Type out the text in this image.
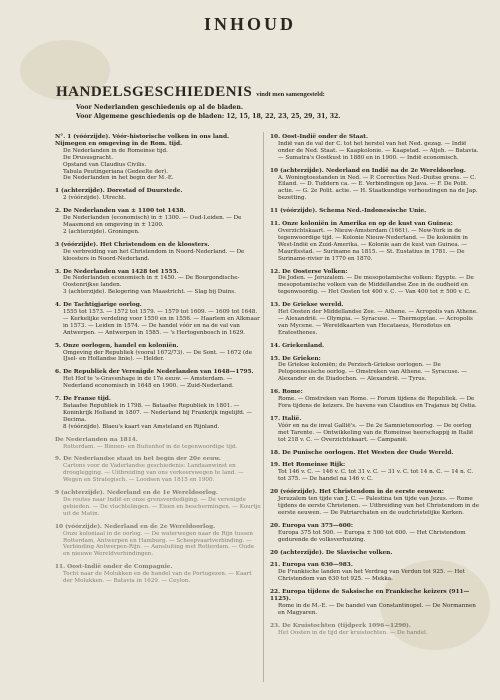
INHOUD
HANDELSGESCHIEDENIS vindt men samengesteld:
Voor Nederlanden geschiedenis op al de bladen.
Voor Algemene geschiedenis op de bladen: 12, 15, 18, 22, 23, 25, 29, 31, 32.
N°. 1 (vóórzijde). Vóór-historische volken in ons land. Nijmegen en omgeving in de Rom. tijd.
De Nederlanden in de Romeinse tijd.
De Drususgracht.
Opstand van Claudius Civilis.
Tabula Peutingeriana (Gedeelte der).
De Nederlanden in het begin der M.-E.
1 (achterzijde). Dorestad of Duurstede.
2 (vóórzijde). Utrecht.
2. De Nederlanden van ± 1100 tot 1438.
De Nederlanden (economisch) in ± 1300. — Oud-Leiden. — De Maasmond en omgeving in ± 1200.
2 (achterzijde). Groningen.
3 (vóórzijde). Het Christendom en de kloosters.
De verbreiding van het Christendom in Noord-Nederland. — De kloosters in Noord-Nederland.
3. De Nederlanden van 1428 tot 1555.
De Nederlanden economisch in ± 1450. — De Bourgondische-Oostenrijkse landen.
3 (achterzijde). Belegering van Maastricht. — Slag bij Duins.
4. De Tachtigjarige oorlog.
1555 tot 1573. — 1572 tot 1579. — 1579 tot 1609. — 1609 tot 1648. — Kerkelijke verdeling voor 1550 en in 1556. — Haarlem en Alkmaar in 1573. — Leiden in 1574. — De handel vóór en na de val van Antwerpen. — Antwerpen in 1585. — 's Hertogenbosch in 1629.
5. Onze oorlogen, handel en koloniën.
Omgeving der Republiek (vooral 1672/73). — De Sont. — 1672 (de IJsel- en Hollandse linie). — Helder.
6. De Republiek der Verenigde Nederlanden van 1648—1795.
Het Hof te 's-Gravenhage in de 17e eeuw. — Amsterdam. — Nederland economisch in 1648 en 1900. — Zuid-Nederland.
7. De Franse tijd.
Bataafse Republiek in 1798. — Bataafse Republiek in 1801. — Koninkrijk Holland in 1807. — Nederland bij Frankrijk ingelijfd. — Decima.
8 (vóórzijde). Blaeu's kaart van Amsteland en Rijnland.
De Nederlanden na 1814.
Rotterdam. — Binnen- en Buitenhof in de tegenwoordige tijd.
9. De Nederlandse staat in het begin der 20e eeuw.
Cartons voor de Vaderlandse geschiedenis: Landaanwinst en drooglegging. — Uitbreiding van ons verkeerswegen te land. — Wegen en Strategisch. — Loodsen van 1815 en 1900.
9 (achterzijde). Nederland en de 1e Wereldoorlog.
De routes naar Indië en onze grensverdediging. — De verenigde gebieden. — De vluchtelingen. — Eisen en beschermingen. — Kourtje uit de Matin.
10 (vóórzijde). Nederland en de 2e Wereldoorlog.
Onze koloniaal in de oorlog. — De waterwegen naar de Rijn tussen Rotterdam, Antwerpen en Hamburg. — Scheepvaartverbinding. — Verbinding Antwerpen-Rijn. — Aansluiting met Rotterdam. — Oude en nieuwe Wereldverbindingen.
11. Oost-Indië onder de Compagnie.
Tocht naar de Molukken en de handel van de Portugezen. — Kaart der Molukken. — Batavia in 1629. — Ceylon.
10. Oost-Indië onder de Staat.
Indië van de val der C. tot het herstel van het Ned. gezag. — Indië onder de Ned. Staat. — Kaapkolonie. — Kaapstad. — Atjeh. — Batavia. — Sumatra's Oostkust in 1880 en in 1900. — Indië economisch.
10 (achterzijde). Nederland en Indië na de 2e Wereldoorlog.
A. Woningtoestanden in Ned. — P. Correcties Ned.-Duitse grens. — C. Eiland. — D. Tuddern ca. — E. Verbindingen op Java. — F. De Polit. actie. — G. 2e Polit. actie. — H. Staatkundige verhoudingen na de Jap. bezetting.
11 (vóórzijde). Schema Ned.-Indonesische Unie.
11. Onze koloniën in Amerika en op de kust van Guinea:
Overzichtskaart. — Nieuw-Amsterdam (1661). — New-York in de tegenwoordige tijd. — Kolonie Nieuw-Nederland. — De koloniën in West-Indië en Zuid-Amerika. — Kolonie aan de kust van Guinea. — Mauritsstad. — Suriname na 1815. — St. Eustatius in 1781. — De Suriname-rivier in 1770 en 1870.
12. De Oosterse Volken:
De Joden. — Jeruzalem. — De mesopotamische volken: Egypte. — De mesopotamische volken van de Middellandse Zee in de oudheid en tegenwoordig. — Het Oosten tot 400 v. C. — Van 400 tot ± 500 v. C.
13. De Griekse wereld.
Het Oosten der Middellandse Zee. — Athene. — Acropolis van Athene. — Alexandrië. — Olympia. — Syracuse. — Thermopylae. — Acropolis van Mycene. — Wereldkaarten van Hecataeus, Herodotus en Eratosthenes.
14. Griekenland.
15. De Grieken:
De Griekse koloniën; de Perzisch-Griekse oorlogen. — De Peloponnesische oorlog. — Omstreken van Athene. — Syracuse. — Alexander en de Diadochen. — Alexandrië. — Tyrus.
16. Rome:
Rome. — Omstreken van Rome. — Forum tijdens de Republiek. — De Fora tijdens de keizers. De havens van Claudius en Trajanus bij Ostia.
17. Italië.
Vóór en na de inval Gallië's. — De 2e Samnietenoorlog. — De oorlog met Tarente. — Ontwikkeling van de Romeinse heerschappij in Italië tot 218 v. C. — Overzichtskaart. — Campanië.
18. De Punische oorlogen. Het Westen der Oude Wereld.
19. Het Romeinse Rijk:
Tot 146 v. C. — 146 v. C. tot 31 v. C. — 31 v. C. tot 14 n. C. — 14 n. C. tot 375. — De handel na 146 v. C.
20 (vóórzijde). Het Christendom in de eerste eeuwen:
Jeruzalem ten tijde van J. C. — Palestina ten tijde van Jezus. — Rome tijdens de eerste Christenen. — Uitbreiding van het Christendom in de eerste eeuwen. — De Patriarchaten en de oudchristelijke Kerken.
20. Europa van 375—600:
Europa 375 tot 500. — Europa ± 500 tot 600. — Het Christendom gedurende de volksverhuizing.
20 (achterzijde). De Slavische volken.
21. Europa van 630—983.
De Frankische landen van het Verdrag van Verdun tot 925. — Het Christendom van 630 tot 925. — Mekka.
22. Europa tijdens de Saksische en Frankische keizers (911—1125).
Rome in de M.-E. — De handel van Constantinopel. — De Normannen en Magyaren.
23. De Kruistochten (tijdperk 1096—1290).
Het Oosten in de tijd der kruistochten. — De handel.
